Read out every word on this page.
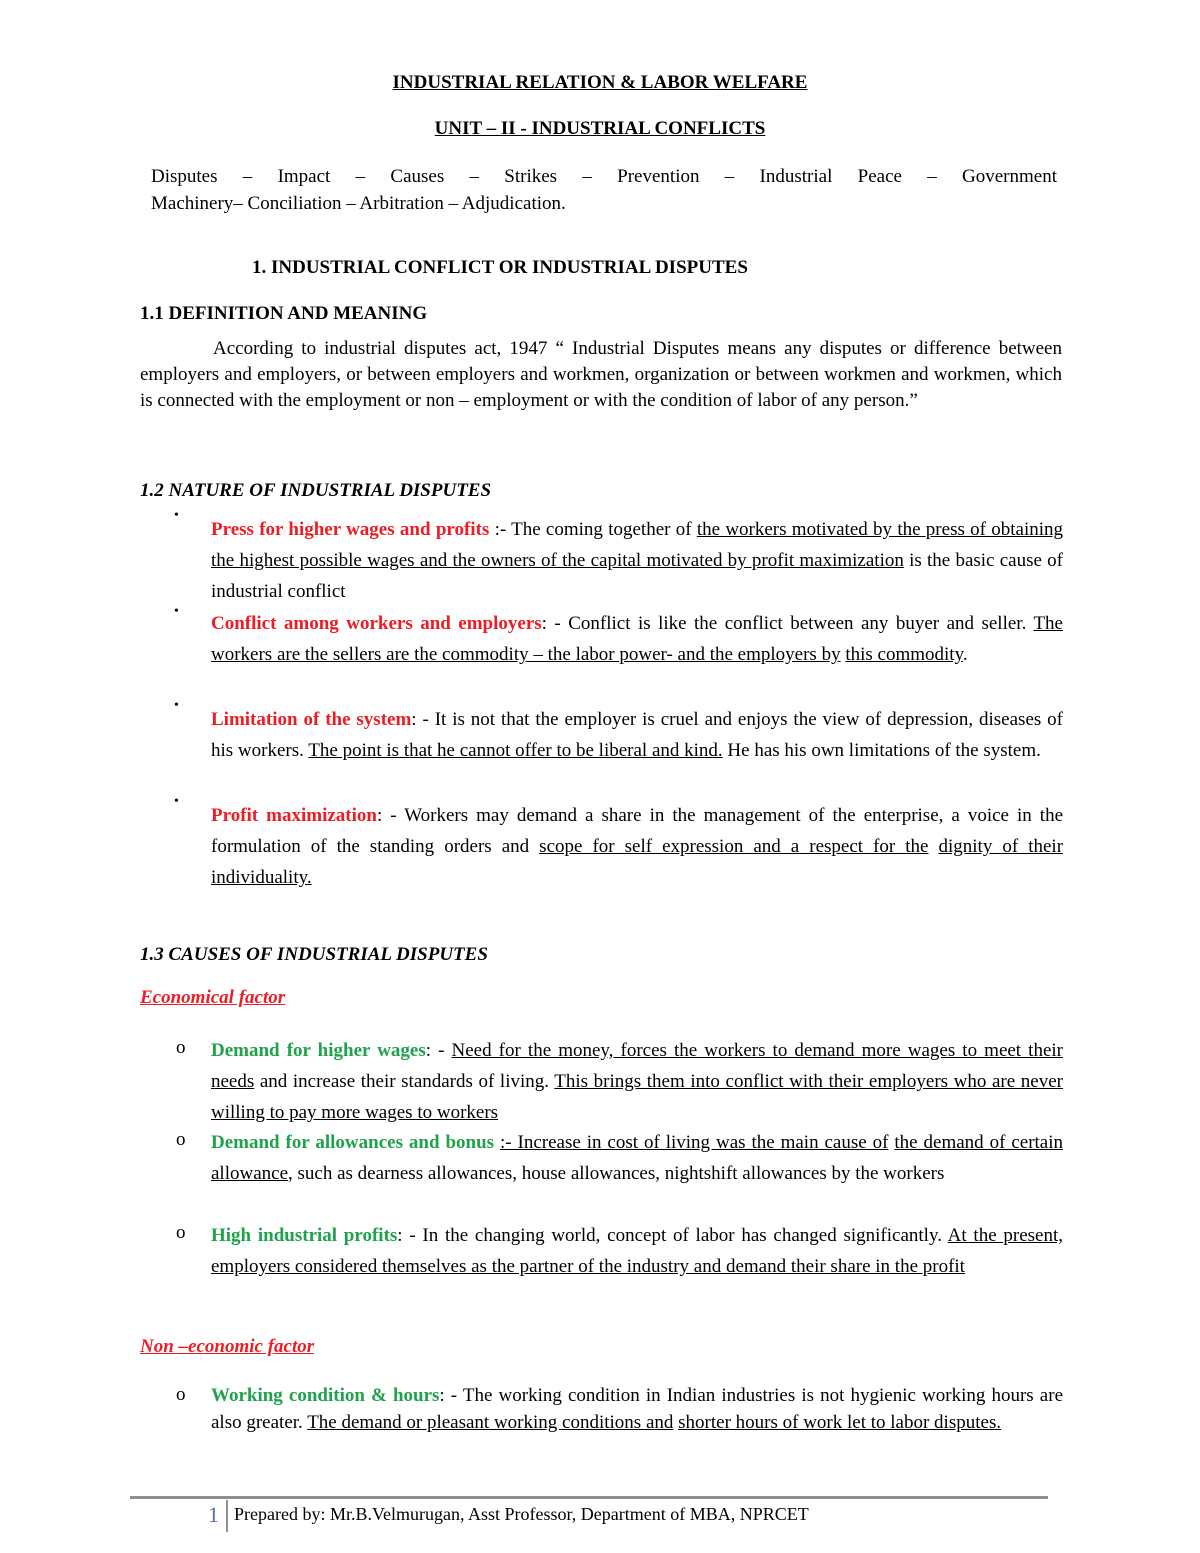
INDUSTRIAL RELATION & LABOR WELFARE
UNIT – II - INDUSTRIAL CONFLICTS
Disputes – Impact – Causes – Strikes – Prevention – Industrial Peace – Government
Machinery– Conciliation – Arbitration – Adjudication.
1. INDUSTRIAL CONFLICT OR INDUSTRIAL DISPUTES
1.1 DEFINITION AND MEANING
According to industrial disputes act, 1947 “ Industrial Disputes means any disputes or difference between employers and employers, or between employers and workmen, organization or between workmen and workmen, which is connected with the employment or non – employment or with the condition of labor of any person.”
1.2 NATURE OF INDUSTRIAL DISPUTES
•
Press for higher wages and profits :- The coming together of the workers motivated by the press of obtaining the highest possible wages and the owners of the capital motivated by profit maximization is the basic cause of industrial conflict
•
Conflict among workers and employers: - Conflict is like the conflict between any buyer and seller. The workers are the sellers are the commodity – the labor power- and the employers by this commodity.
•
Limitation of the system: - It is not that the employer is cruel and enjoys the view of depression, diseases of his workers. The point is that he cannot offer to be liberal and kind. He has his own limitations of the system.
•
Profit maximization: - Workers may demand a share in the management of the enterprise, a voice in the formulation of the standing orders and scope for self expression and a respect for the dignity of their individuality.
1.3 CAUSES OF INDUSTRIAL DISPUTES
Economical factor
o Demand for higher wages: - Need for the money, forces the workers to demand more wages to meet their needs and increase their standards of living. This brings them into conflict with their employers who are never willing to pay more wages to workers
o Demand for allowances and bonus :- Increase in cost of living was the main cause of the demand of certain allowance, such as dearness allowances, house allowances, nightshift allowances by the workers
o High industrial profits: - In the changing world, concept of labor has changed significantly. At the present, employers considered themselves as the partner of the industry and demand their share in the profit
Non –economic factor
o Working condition & hours: - The working condition in Indian industries is not hygienic working hours are also greater. The demand or pleasant working conditions and shorter hours of work let to labor disputes.
1 Prepared by: Mr.B.Velmurugan, Asst Professor, Department of MBA, NPRCET
